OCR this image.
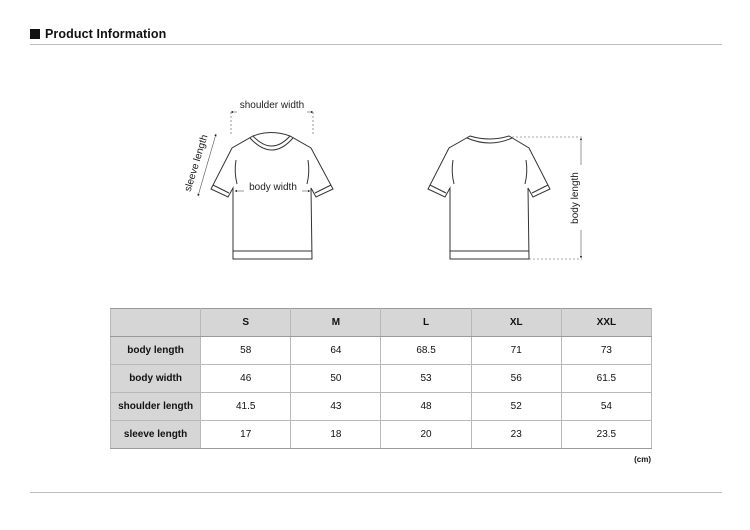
Product Information
shoulder width
sleeve length	body width	body length
	S	M	L	XL	XXL
body length	58	64	68.5	71	73
body width	46	50	53	56	61.5
shoulder length	41.5	43	48	52	54
sleeve length	17	18	20	23	23.5
(cm)
